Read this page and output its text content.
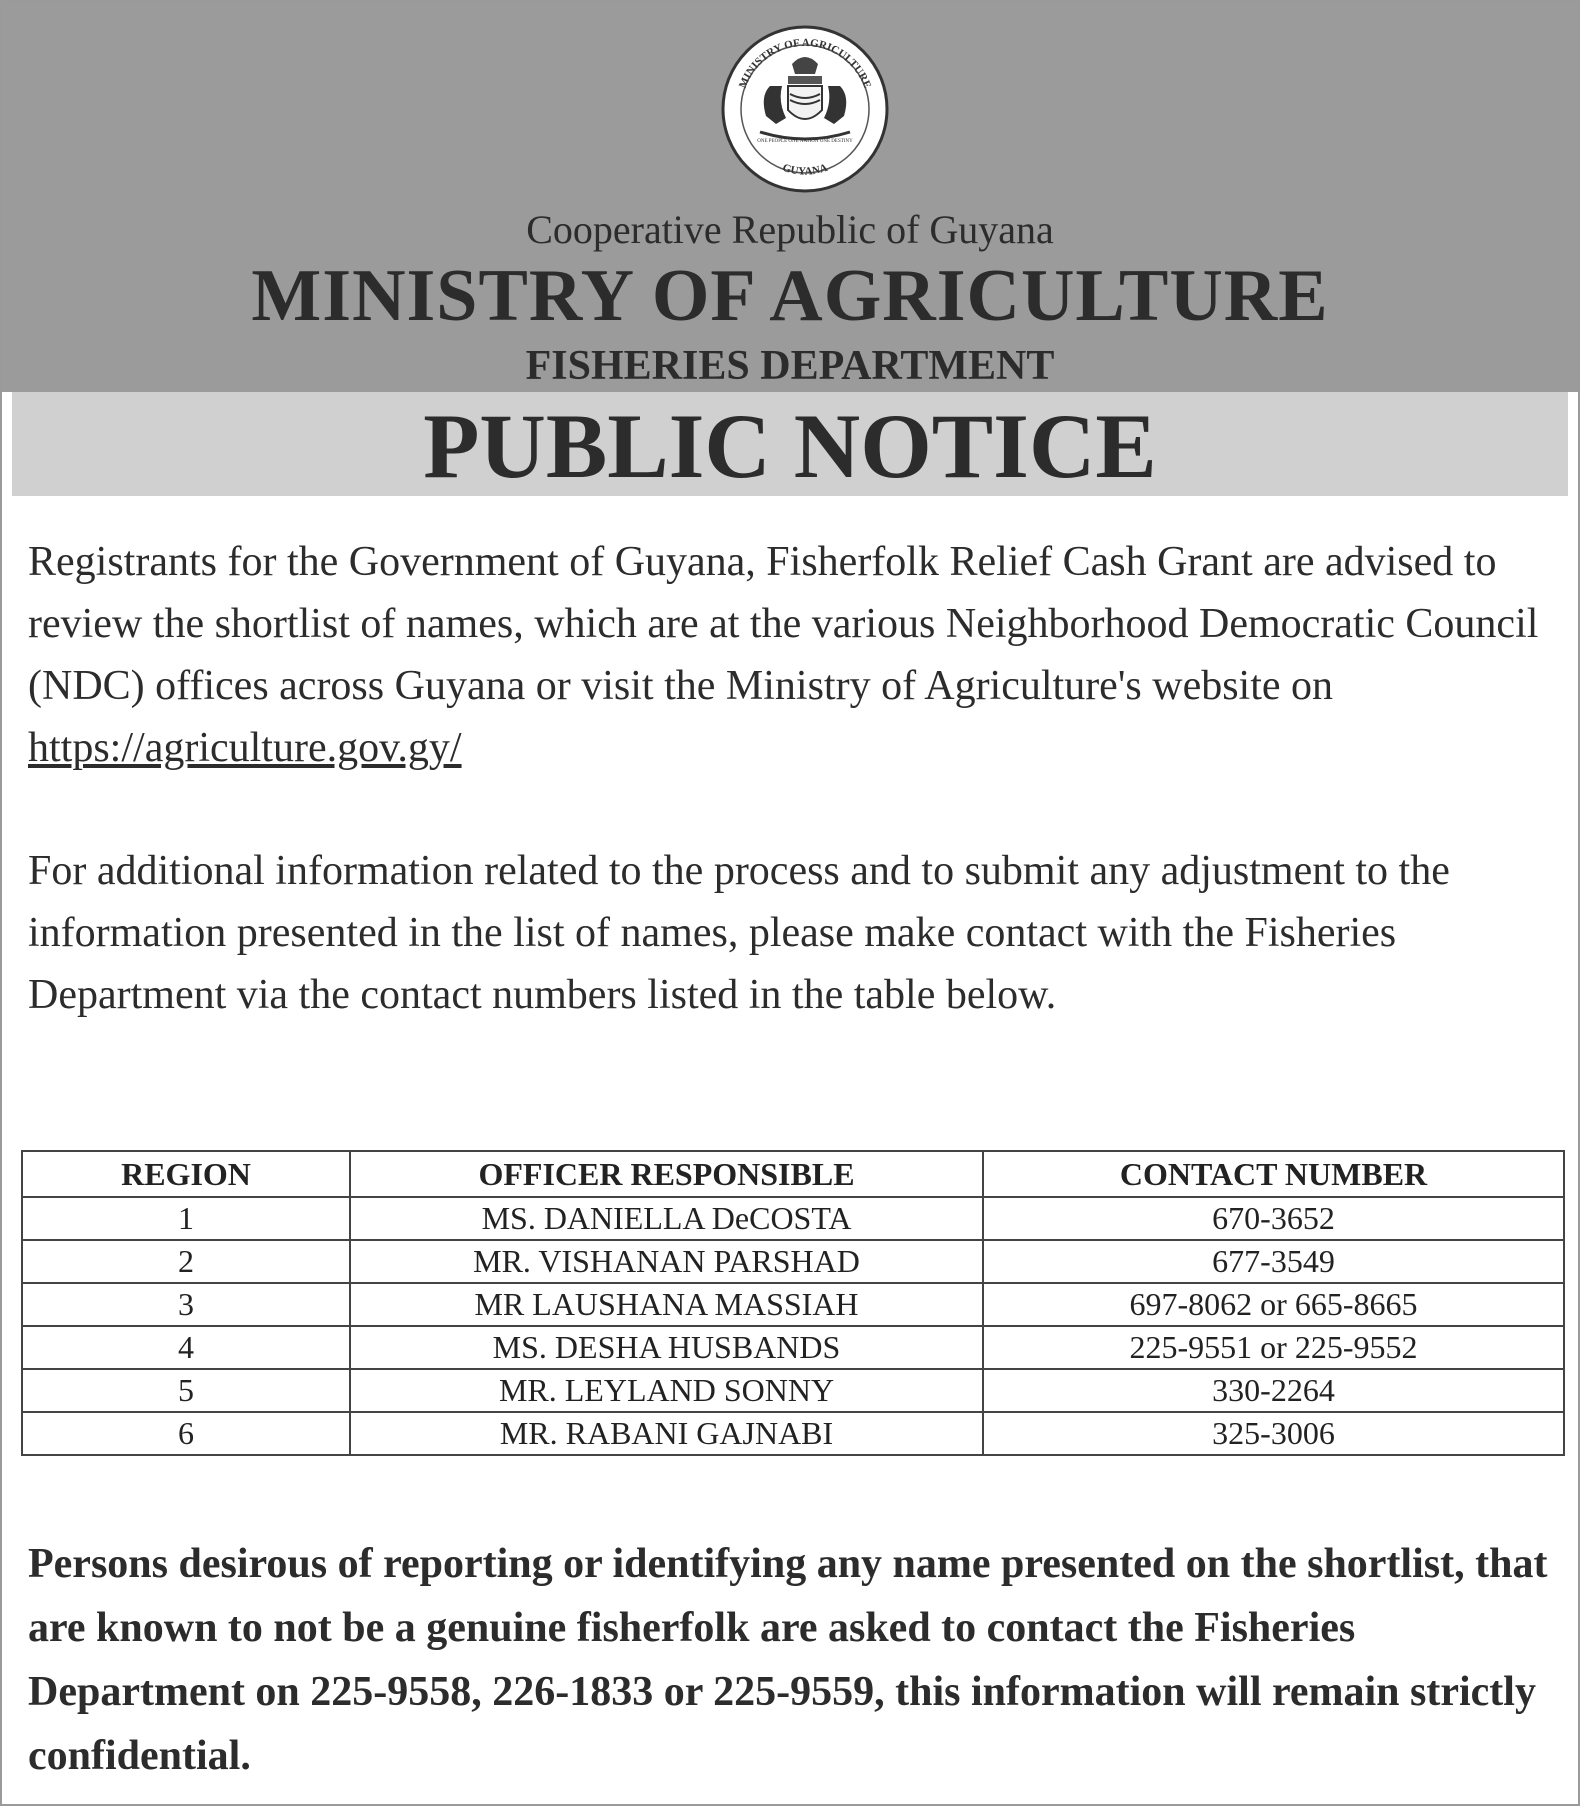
MINISTRY OF AGRICULTURE
GUYANA
ONE PEOPLE ONE NATION ONE DESTINY
Cooperative Republic of Guyana
MINISTRY OF AGRICULTURE
FISHERIES DEPARTMENT
PUBLIC NOTICE
Registrants for the Government of Guyana, Fisherfolk Relief Cash Grant are advised to review the shortlist of names, which are at the various Neighborhood Democratic Council (NDC) offices across Guyana or visit the Ministry of Agriculture's website on https://agriculture.gov.gy/
For additional information related to the process and to submit any adjustment to the information presented in the list of names, please make contact with the Fisheries Department via the contact numbers listed in the table below.
REGION	OFFICER RESPONSIBLE	CONTACT NUMBER
1	MS. DANIELLA DeCOSTA	670-3652
2	MR. VISHANAN PARSHAD	677-3549
3	MR LAUSHANA MASSIAH	697-8062 or 665-8665
4	MS. DESHA HUSBANDS	225-9551 or 225-9552
5	MR. LEYLAND SONNY	330-2264
6	MR. RABANI GAJNABI	325-3006
Persons desirous of reporting or identifying any name presented on the shortlist, that are known to not be a genuine fisherfolk are asked to contact the Fisheries Department on 225-9558, 226-1833 or 225-9559, this information will remain strictly confidential.
